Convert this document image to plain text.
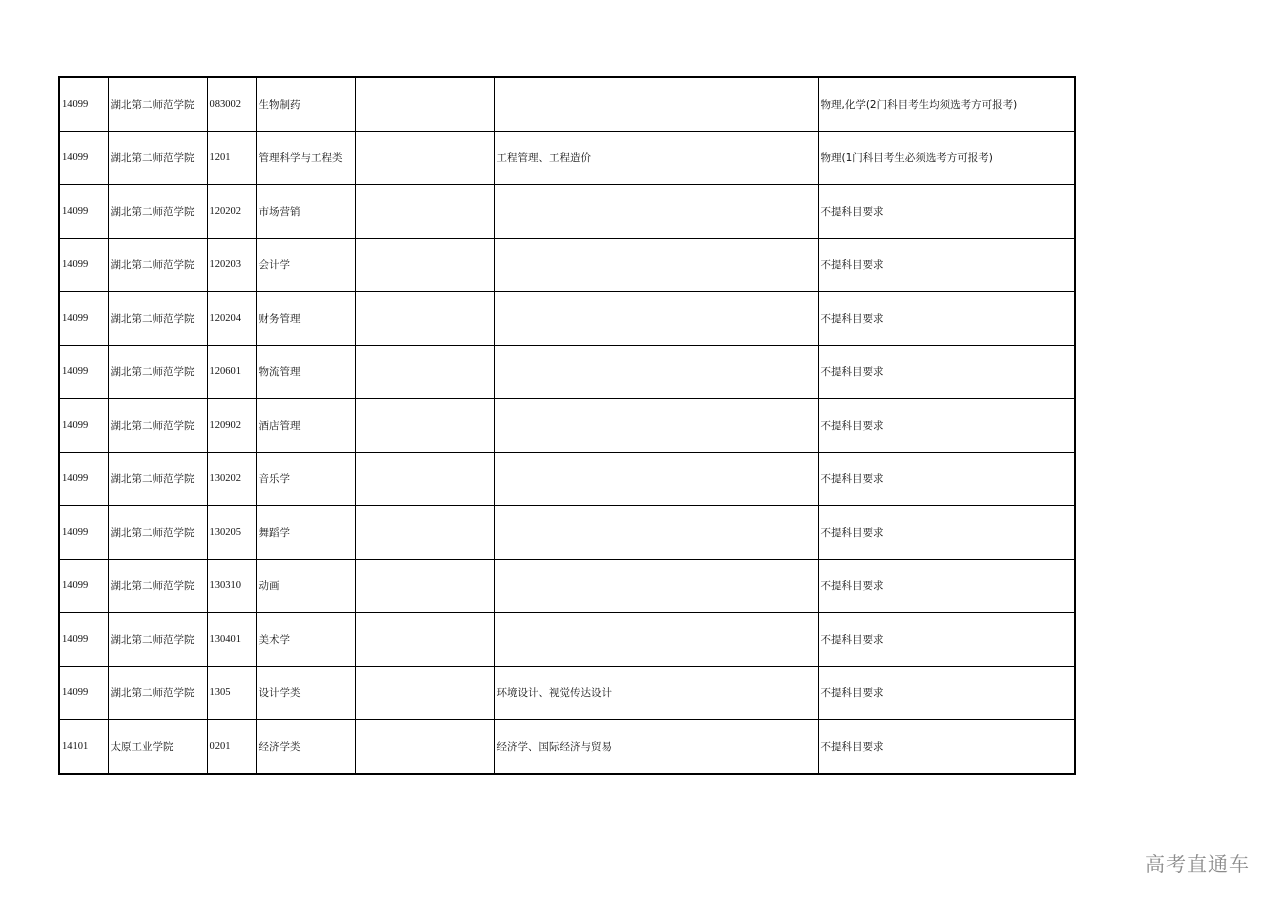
14099	湖北第二师范学院	083002	生物制药			物理,化学(2门科目考生均须选考方可报考)
14099	湖北第二师范学院	1201	管理科学与工程类		工程管理、工程造价	物理(1门科目考生必须选考方可报考)
14099	湖北第二师范学院	120202	市场营销			不提科目要求
14099	湖北第二师范学院	120203	会计学			不提科目要求
14099	湖北第二师范学院	120204	财务管理			不提科目要求
14099	湖北第二师范学院	120601	物流管理			不提科目要求
14099	湖北第二师范学院	120902	酒店管理			不提科目要求
14099	湖北第二师范学院	130202	音乐学			不提科目要求
14099	湖北第二师范学院	130205	舞蹈学			不提科目要求
14099	湖北第二师范学院	130310	动画			不提科目要求
14099	湖北第二师范学院	130401	美术学			不提科目要求
14099	湖北第二师范学院	1305	设计学类		环境设计、视觉传达设计	不提科目要求
14101	太原工业学院	0201	经济学类		经济学、国际经济与贸易	不提科目要求
高考直通车
